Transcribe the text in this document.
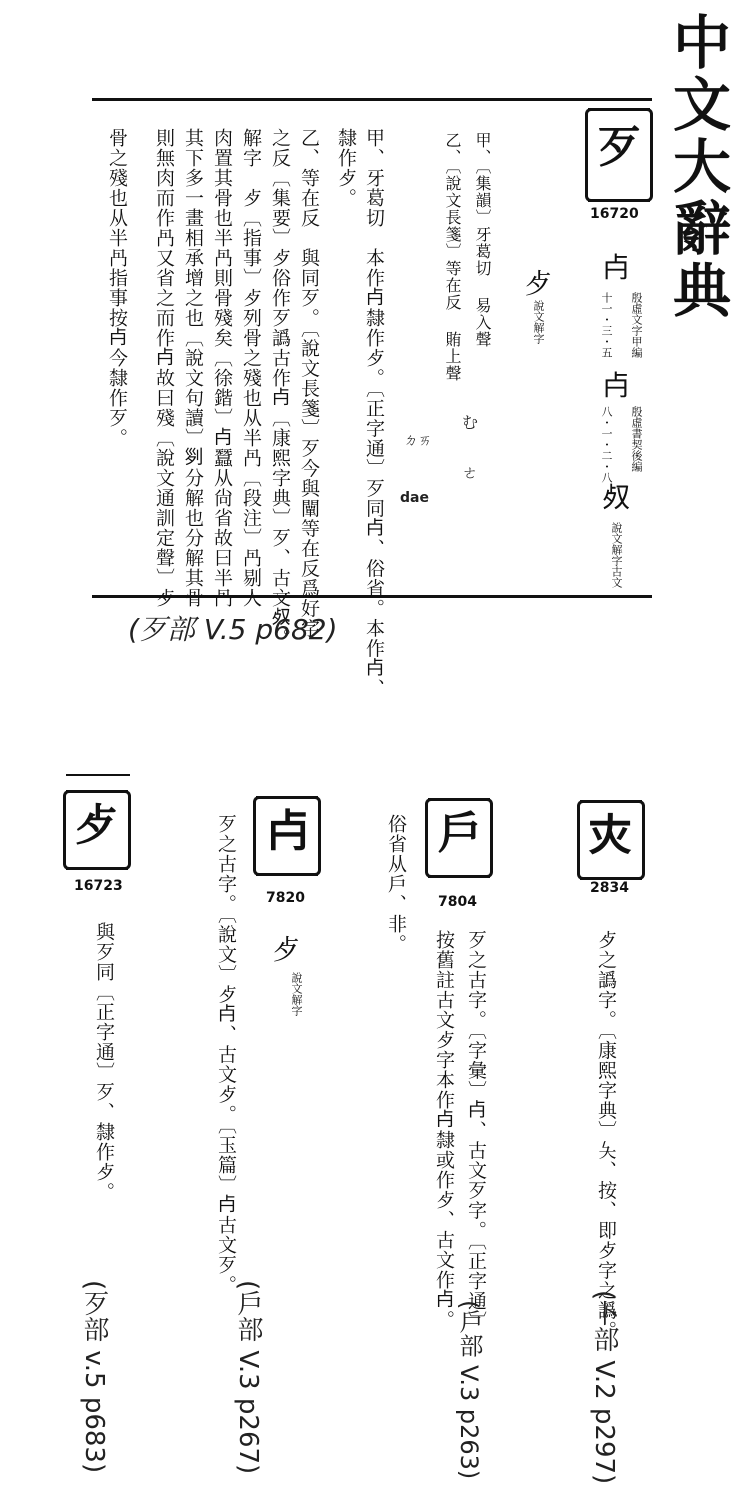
中文大辭典
歹
16720
𣦵
殷虛文字甲編
十一・三・五
𣦵
殷虛書契後編
八・一・二・八
𣦼
說文解字古文
歺
說文解字
甲、〔集韻〕牙葛切 易入聲
乙、〔說文長箋〕等在反 賄上聲
む
ㄜ
dae
ㄉㄞ
甲、牙葛切　本作𣦵隸作歺。〔正字通〕歹同𣦵、俗省。本作𣦵、
隸作歺。
乙、等在反　與同歹。〔說文長箋〕歹今與闡等在反爲好字
之反〔集要〕歺俗作歹譌古作𣦵〔康熙字典〕歹、古文𣦼。
解字　歺〔指事〕歺列骨之殘也从半冎〔段注〕冎剔人
肉置其骨也半冎則骨殘矣〔徐鍇〕𣦵蠶从尙省故曰半冎
其下多一畫相承增之也〔說文句讀〕𠛱分解也分解其骨
則無肉而作冎又省之而作𣦵故曰殘〔說文通訓定聲〕歺
骨之殘也从半冎指事按𣦵今隸作歹。
(歹部 V.5 p682)
𡗜
2834
歺之譌字。〔康熙字典〕夨、按、即歺字之譌。
(卜部 V.2 p297)
戶
7804
俗省从戶、非。
歹之古字。〔字彙〕𣦵、古文歹字。〔正字通〕
按舊註古文歺字本作𣦵隸或作歺、古文作𣦵。
(戶部 V.3 p263)
𣦵
7820
歺
說文解字
歹之古字。〔說文〕歺𣦵、古文歺。〔玉篇〕𣦵古文歹。
(戶部 V.3 p267)
歺
16723
與歹同〔正字通〕歹、隸作歺。
(歹部 v.5 p683)
